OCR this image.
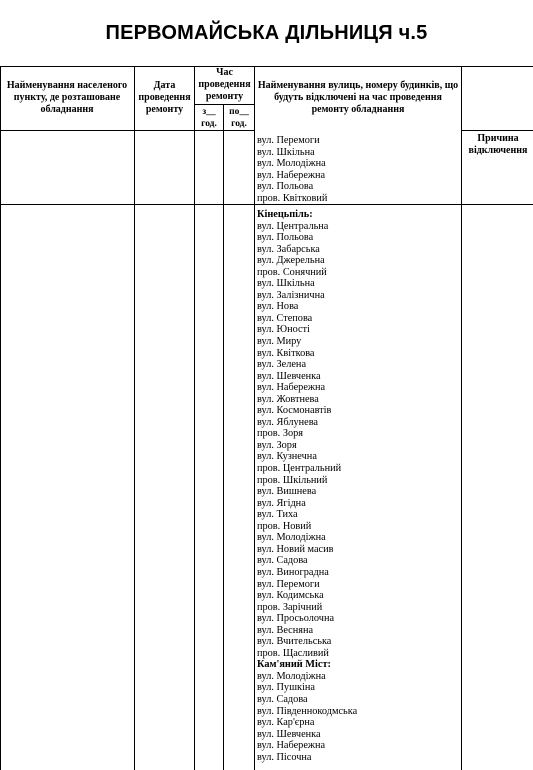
ПЕРВОМАЙСЬКА ДІЛЬНИЦЯ ч.5
Найменування населеного пункту, де розташоване обладнання
Дата проведення ремонту
Час проведення ремонту
з__ год.
по__ год.
Найменування вулиць, номеру будинків, що будуть відключені на час проведення ремонту обладнання
Причина відключення
вул. Перемоги
вул. Шкільна
вул. Молодіжна
вул. Набережна
вул. Польова
пров. Квітковий
Кінецьпіль:
вул. Центральна
вул. Польова
вул. Забарська
вул. Джерельна
пров. Сонячний
вул. Шкільна
вул. Залізнична
вул. Нова
вул. Степова
вул. Юності
вул. Миру
вул. Квіткова
вул. Зелена
вул. Шевченка
вул. Набережна
вул. Жовтнева
вул. Космонавтів
вул. Яблунева
пров. Зоря
вул. Зоря
вул. Кузнечна
пров. Центральний
пров. Шкільний
вул. Вишнева
вул. Ягідна
вул. Тиха
пров. Новий
вул. Молодіжна
вул. Новий масив
вул. Садова
вул. Виноградна
вул. Перемоги
вул. Кодимська
пров. Зарічний
вул. Просьолочна
вул. Весняна
вул. Вчительська
пров. Щасливий
Кам'яний Міст:
вул. Молодіжна
вул. Пушкіна
вул. Садова
вул. Південнокодмська
вул. Кар'єрна
вул. Шевченка
вул. Набережна
вул. Пісочна
